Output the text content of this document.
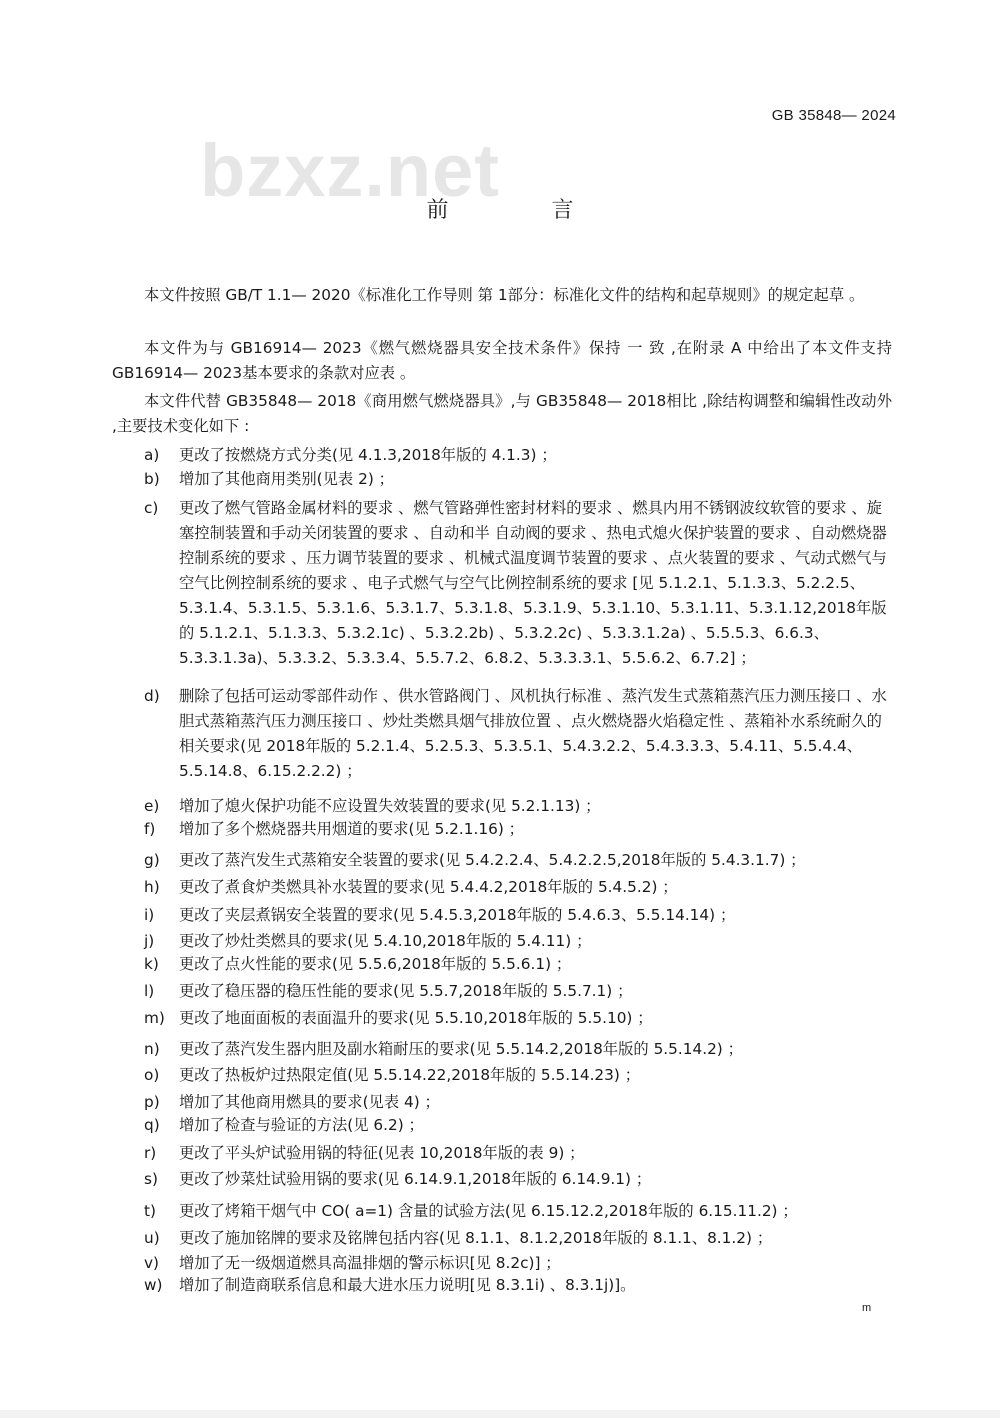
bzxz.net
GB 35848— 2024
前 言

本文件按照 GB/T 1.1— 2020《标准化工作导则 第 1部分：标准化文件的结构和起草规则》的规定起草 。

本文件为与 GB16914— 2023《燃气燃烧器具安全技术条件》保持 一 致 ,在附录 A 中给出了本文件支持 GB16914— 2023基本要求的条款对应表 。

本文件代替 GB35848— 2018《商用燃气燃烧器具》,与 GB35848— 2018相比 ,除结构调整和编辑性改动外 ,主要技术变化如下 :

a) 更改了按燃烧方式分类(见 4.1.3,2018年版的 4.1.3) ；
b) 增加了其他商用类别(见表 2) ；
c) 更改了燃气管路金属材料的要求 、燃气管路弹性密封材料的要求 、燃具内用不锈钢波纹软管的要求 、旋塞控制装置和手动关闭装置的要求 、自动和半 自动阀的要求 、热电式熄火保护装置的要求 、自动燃烧器控制系统的要求 、压力调节装置的要求 、机械式温度调节装置的要求 、点火装置的要求 、气动式燃气与空气比例控制系统的要求 、电子式燃气与空气比例控制系统的要求 [见 5.1.2.1、5.1.3.3、5.2.2.5、5.3.1.4、5.3.1.5、5.3.1.6、5.3.1.7、5.3.1.8、5.3.1.9、5.3.1.10、5.3.1.11、5.3.1.12,2018年版的 5.1.2.1、5.1.3.3、5.3.2.1c) 、5.3.2.2b) 、5.3.2.2c) 、5.3.3.1.2a) 、5.5.5.3、6.6.3、5.3.3.1.3a)、5.3.3.2、5.3.3.4、5.5.7.2、6.8.2、5.3.3.3.1、5.5.6.2、6.7.2] ；
d) 删除了包括可运动零部件动作 、供水管路阀门 、风机执行标准 、蒸汽发生式蒸箱蒸汽压力测压接口 、水胆式蒸箱蒸汽压力测压接口 、炒灶类燃具烟气排放位置 、点火燃烧器火焰稳定性 、蒸箱补水系统耐久的相关要求(见 2018年版的 5.2.1.4、5.2.5.3、5.3.5.1、5.4.3.2.2、5.4.3.3.3、5.4.11、5.5.4.4、5.5.14.8、6.15.2.2.2) ；
e) 增加了熄火保护功能不应设置失效装置的要求(见 5.2.1.13) ；
f) 增加了多个燃烧器共用烟道的要求(见 5.2.1.16) ；
g) 更改了蒸汽发生式蒸箱安全装置的要求(见 5.4.2.2.4、5.4.2.2.5,2018年版的 5.4.3.1.7) ；
h) 更改了煮食炉类燃具补水装置的要求(见 5.4.4.2,2018年版的 5.4.5.2) ；
i) 更改了夹层煮锅安全装置的要求(见 5.4.5.3,2018年版的 5.4.6.3、5.5.14.14) ；
j) 更改了炒灶类燃具的要求(见 5.4.10,2018年版的 5.4.11) ；
k) 更改了点火性能的要求(见 5.5.6,2018年版的 5.5.6.1) ；
l) 更改了稳压器的稳压性能的要求(见 5.5.7,2018年版的 5.5.7.1) ；
m) 更改了地面面板的表面温升的要求(见 5.5.10,2018年版的 5.5.10) ；
n) 更改了蒸汽发生器内胆及副水箱耐压的要求(见 5.5.14.2,2018年版的 5.5.14.2) ；
o) 更改了热板炉过热限定值(见 5.5.14.22,2018年版的 5.5.14.23) ；
p) 增加了其他商用燃具的要求(见表 4) ；
q) 增加了检查与验证的方法(见 6.2) ；
r) 更改了平头炉试验用锅的特征(见表 10,2018年版的表 9) ；
s) 更改了炒菜灶试验用锅的要求(见 6.14.9.1,2018年版的 6.14.9.1) ；
t) 更改了烤箱干烟气中 CO( a=1) 含量的试验方法(见 6.15.12.2,2018年版的 6.15.11.2) ；
u) 更改了施加铭牌的要求及铭牌包括内容(见 8.1.1、8.1.2,2018年版的 8.1.1、8.1.2) ；
v) 增加了无一级烟道燃具高温排烟的警示标识[见 8.2c)] ；
w) 增加了制造商联系信息和最大进水压力说明[见 8.3.1i) 、8.3.1j)]。
m
